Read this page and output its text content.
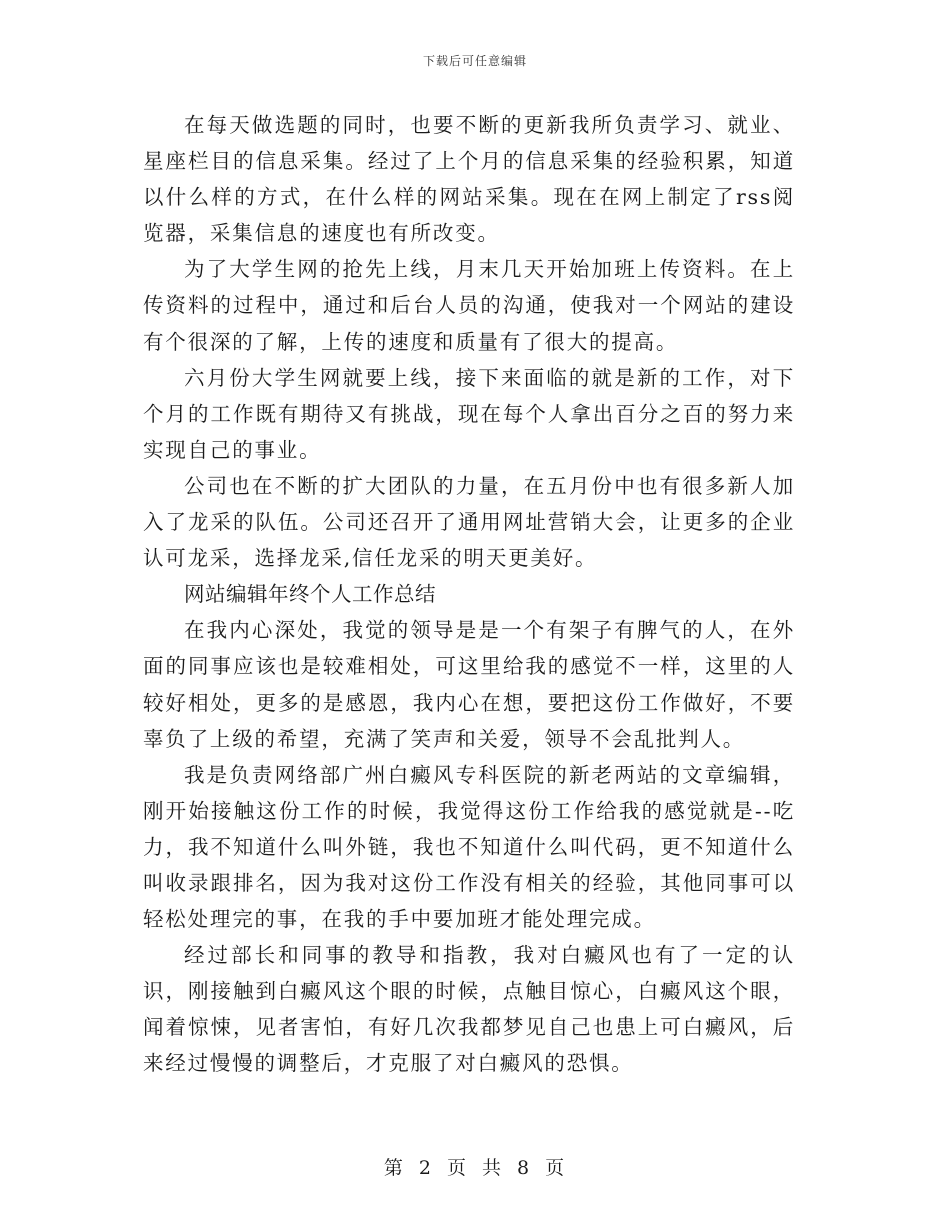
下载后可任意编辑

在每天做选题的同时，也要不断的更新我所负责学习、就业、星座栏目的信息采集。经过了上个月的信息采集的经验积累，知道以什么样的方式，在什么样的网站采集。现在在网上制定了rss阅览器，采集信息的速度也有所改变。

为了大学生网的抢先上线，月末几天开始加班上传资料。在上传资料的过程中，通过和后台人员的沟通，使我对一个网站的建设有个很深的了解，上传的速度和质量有了很大的提高。

六月份大学生网就要上线，接下来面临的就是新的工作，对下个月的工作既有期待又有挑战，现在每个人拿出百分之百的努力来实现自己的事业。

公司也在不断的扩大团队的力量，在五月份中也有很多新人加入了龙采的队伍。公司还召开了通用网址营销大会，让更多的企业认可龙采，选择龙采,信任龙采的明天更美好。

网站编辑年终个人工作总结

在我内心深处，我觉的领导是是一个有架子有脾气的人，在外面的同事应该也是较难相处，可这里给我的感觉不一样，这里的人较好相处，更多的是感恩，我内心在想，要把这份工作做好，不要辜负了上级的希望，充满了笑声和关爱，领导不会乱批判人。

我是负责网络部广州白癜风专科医院的新老两站的文章编辑，刚开始接触这份工作的时候，我觉得这份工作给我的感觉就是--吃力，我不知道什么叫外链，我也不知道什么叫代码，更不知道什么叫收录跟排名，因为我对这份工作没有相关的经验，其他同事可以轻松处理完的事，在我的手中要加班才能处理完成。

经过部长和同事的教导和指教，我对白癜风也有了一定的认识，刚接触到白癜风这个眼的时候，点触目惊心，白癜风这个眼，闻着惊悚，见者害怕，有好几次我都梦见自己也患上可白癜风，后来经过慢慢的调整后，才克服了对白癜风的恐惧。

第 2 页 共 8 页
